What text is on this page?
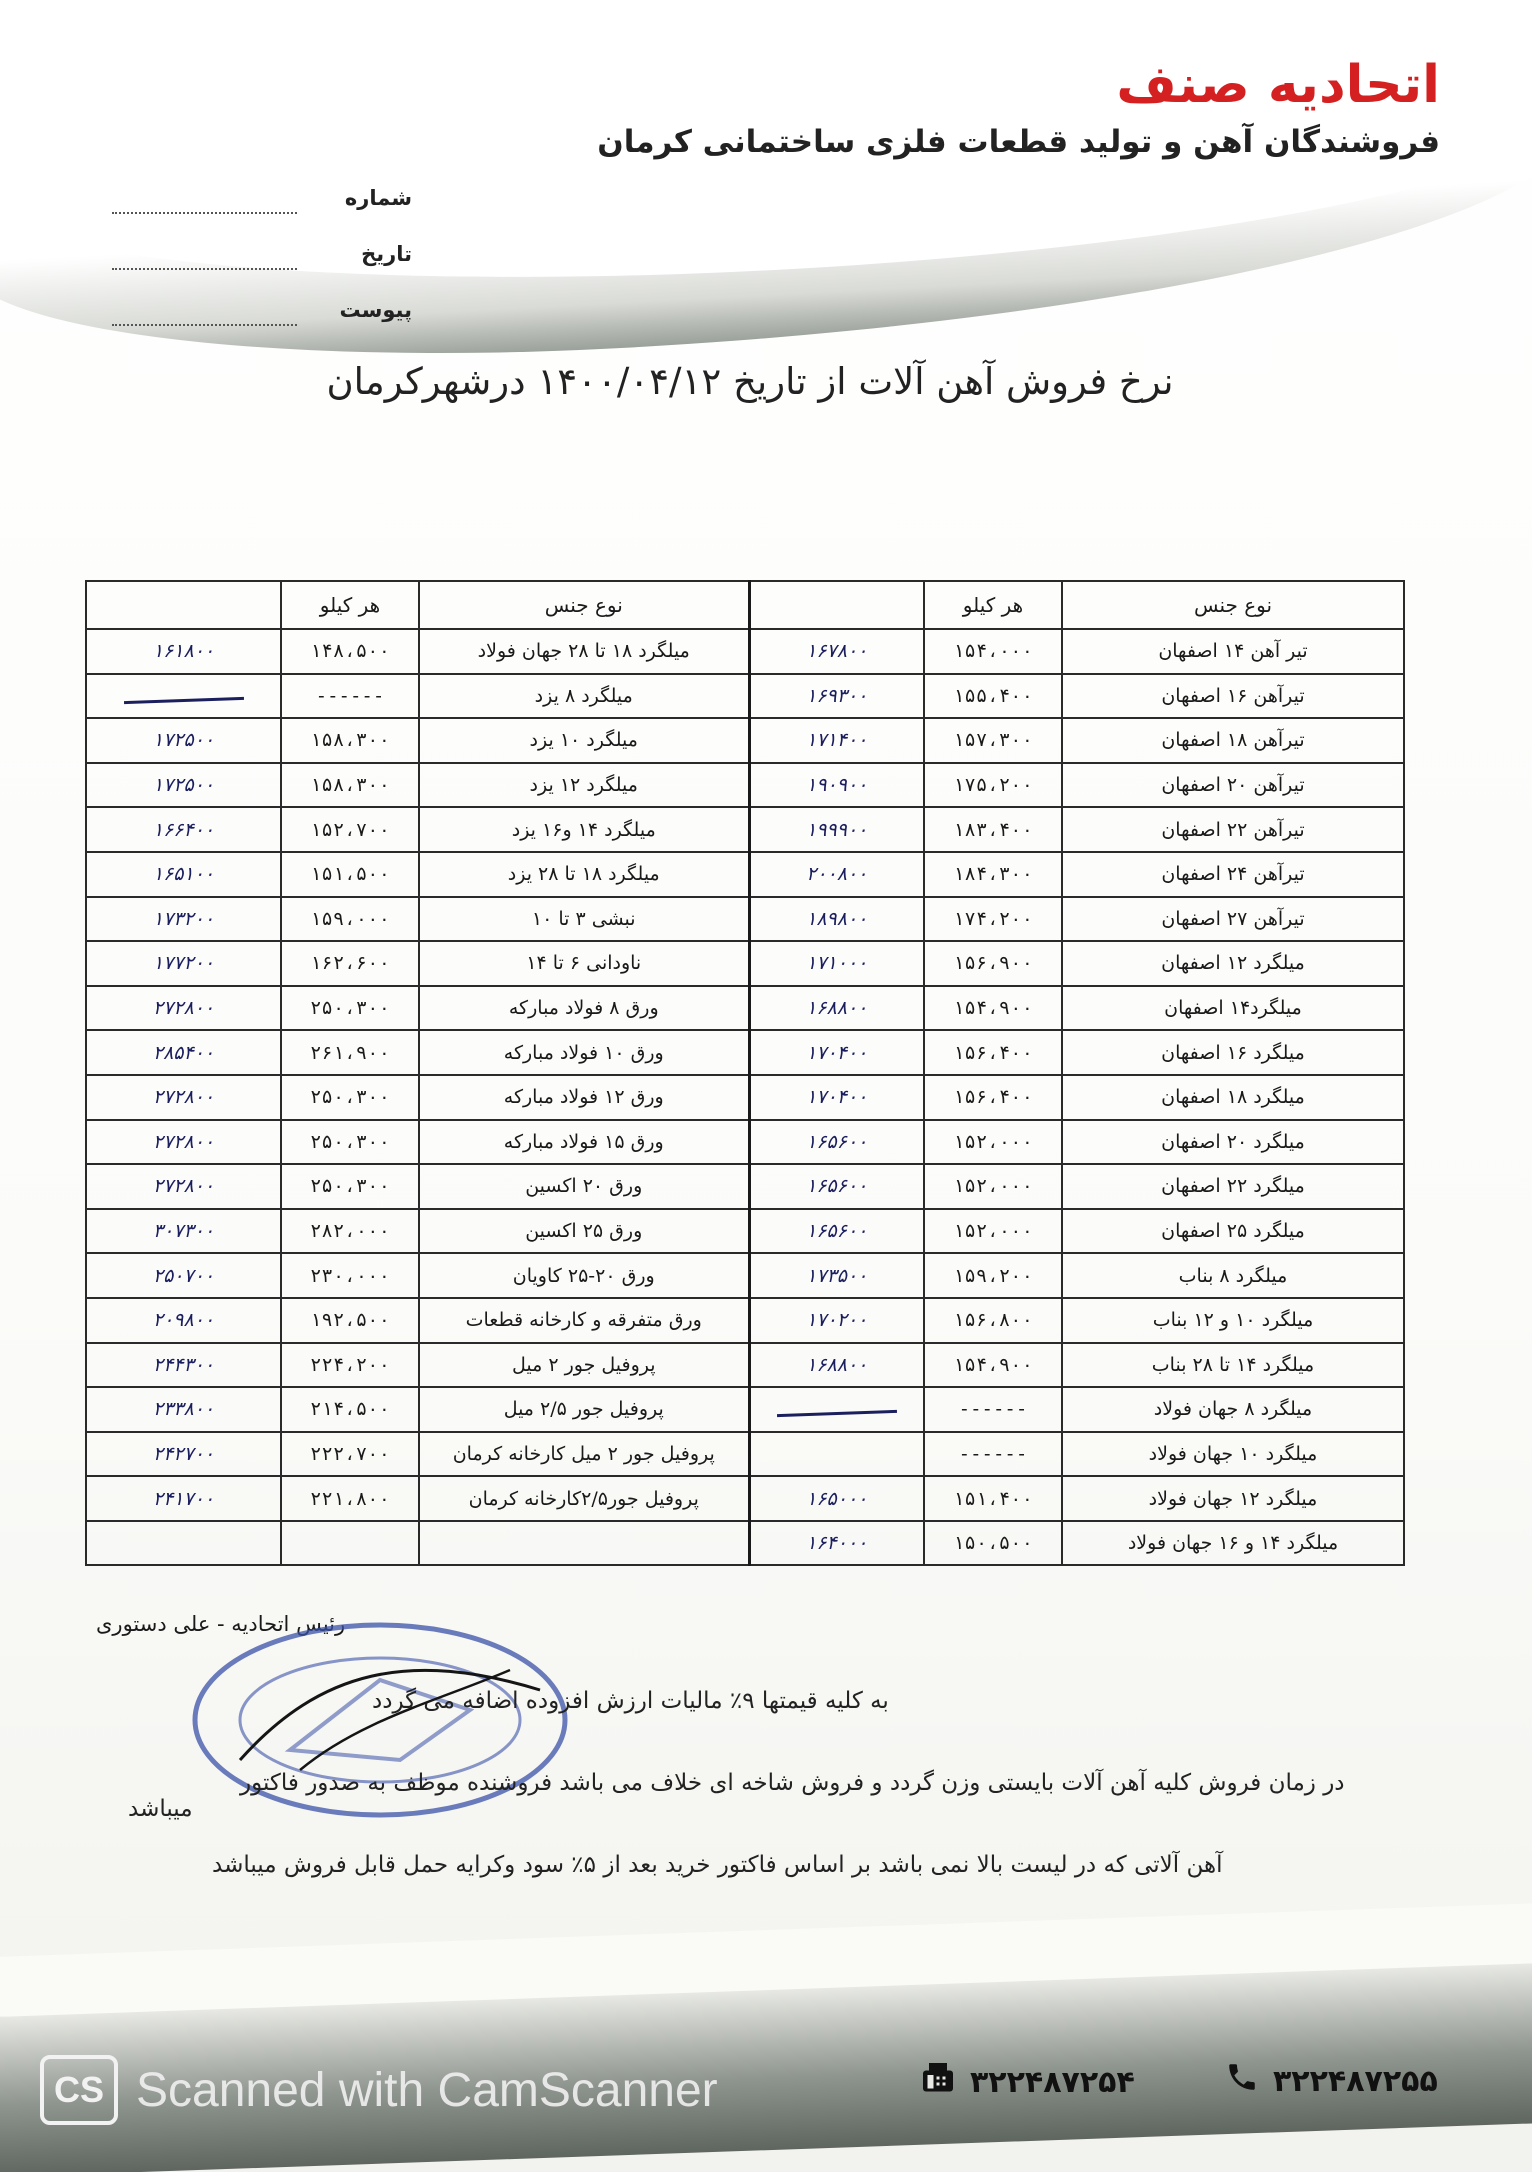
اتحادیه صنف
فروشندگان آهن و تولید قطعات فلزی ساختمانی کرمان
شماره
تاریخ
پیوست
نرخ فروش آهن آلات از تاریخ ۱۴۰۰/۰۴/۱۲ درشهرکرمان
نوع جنس	هر کیلو		نوع جنس	هر کیلو	
تیر آهن ۱۴ اصفهان	۱۵۴،۰۰۰	۱۶۷۸۰۰	میلگرد ۱۸ تا ۲۸ جهان فولاد	۱۴۸،۵۰۰	۱۶۱۸۰۰
تیرآهن ۱۶ اصفهان	۱۵۵،۴۰۰	۱۶۹۳۰۰	میلگرد ۸ یزد	------	
تیرآهن ۱۸ اصفهان	۱۵۷،۳۰۰	۱۷۱۴۰۰	میلگرد ۱۰ یزد	۱۵۸،۳۰۰	۱۷۲۵۰۰
تیرآهن ۲۰ اصفهان	۱۷۵،۲۰۰	۱۹۰۹۰۰	میلگرد ۱۲ یزد	۱۵۸،۳۰۰	۱۷۲۵۰۰
تیرآهن ۲۲ اصفهان	۱۸۳،۴۰۰	۱۹۹۹۰۰	میلگرد ۱۴ و۱۶ یزد	۱۵۲،۷۰۰	۱۶۶۴۰۰
تیرآهن ۲۴ اصفهان	۱۸۴،۳۰۰	۲۰۰۸۰۰	میلگرد ۱۸ تا ۲۸ یزد	۱۵۱،۵۰۰	۱۶۵۱۰۰
تیرآهن ۲۷ اصفهان	۱۷۴،۲۰۰	۱۸۹۸۰۰	نبشی ۳ تا ۱۰	۱۵۹،۰۰۰	۱۷۳۲۰۰
میلگرد ۱۲ اصفهان	۱۵۶،۹۰۰	۱۷۱۰۰۰	ناودانی ۶ تا ۱۴	۱۶۲،۶۰۰	۱۷۷۲۰۰
میلگرد۱۴ اصفهان	۱۵۴،۹۰۰	۱۶۸۸۰۰	ورق ۸ فولاد مبارکه	۲۵۰،۳۰۰	۲۷۲۸۰۰
میلگرد ۱۶ اصفهان	۱۵۶،۴۰۰	۱۷۰۴۰۰	ورق ۱۰ فولاد مبارکه	۲۶۱،۹۰۰	۲۸۵۴۰۰
میلگرد ۱۸ اصفهان	۱۵۶،۴۰۰	۱۷۰۴۰۰	ورق ۱۲ فولاد مبارکه	۲۵۰،۳۰۰	۲۷۲۸۰۰
میلگرد ۲۰ اصفهان	۱۵۲،۰۰۰	۱۶۵۶۰۰	ورق ۱۵ فولاد مبارکه	۲۵۰،۳۰۰	۲۷۲۸۰۰
میلگرد ۲۲ اصفهان	۱۵۲،۰۰۰	۱۶۵۶۰۰	ورق ۲۰ اکسین	۲۵۰،۳۰۰	۲۷۲۸۰۰
میلگرد ۲۵ اصفهان	۱۵۲،۰۰۰	۱۶۵۶۰۰	ورق ۲۵ اکسین	۲۸۲،۰۰۰	۳۰۷۳۰۰
میلگرد ۸ بناب	۱۵۹،۲۰۰	۱۷۳۵۰۰	ورق ۲۰-۲۵ کاویان	۲۳۰،۰۰۰	۲۵۰۷۰۰
میلگرد ۱۰ و ۱۲ بناب	۱۵۶،۸۰۰	۱۷۰۲۰۰	ورق متفرقه و کارخانه قطعات	۱۹۲،۵۰۰	۲۰۹۸۰۰
میلگرد ۱۴ تا ۲۸ بناب	۱۵۴،۹۰۰	۱۶۸۸۰۰	پروفیل جور ۲ میل	۲۲۴،۲۰۰	۲۴۴۳۰۰
میلگرد ۸ جهان فولاد	------		پروفیل جور ۲/۵ میل	۲۱۴،۵۰۰	۲۳۳۸۰۰
میلگرد ۱۰ جهان فولاد	------		پروفیل جور ۲ میل کارخانه کرمان	۲۲۲،۷۰۰	۲۴۲۷۰۰
میلگرد ۱۲ جهان فولاد	۱۵۱،۴۰۰	۱۶۵۰۰۰	پروفیل جور۲/۵کارخانه کرمان	۲۲۱،۸۰۰	۲۴۱۷۰۰
میلگرد ۱۴ و ۱۶ جهان فولاد	۱۵۰،۵۰۰	۱۶۴۰۰۰			

رئیس اتحادیه - علی دستوری

به کلیه قیمتها ۹٪ مالیات ارزش افزوده اضافه می گردد

در زمان فروش کلیه آهن آلات بایستی وزن گردد و فروش شاخه ای خلاف می باشد فروشنده موظف به صدور فاکتور

میباشد

آهن آلاتی که در لیست بالا نمی باشد بر اساس فاکتور خرید بعد از ۵٪ سود وکرایه حمل قابل فروش میباشد

۳۲۲۴۸۷۲۵۵
۳۲۲۴۸۷۲۵۴
CS Scanned with CamScanner
